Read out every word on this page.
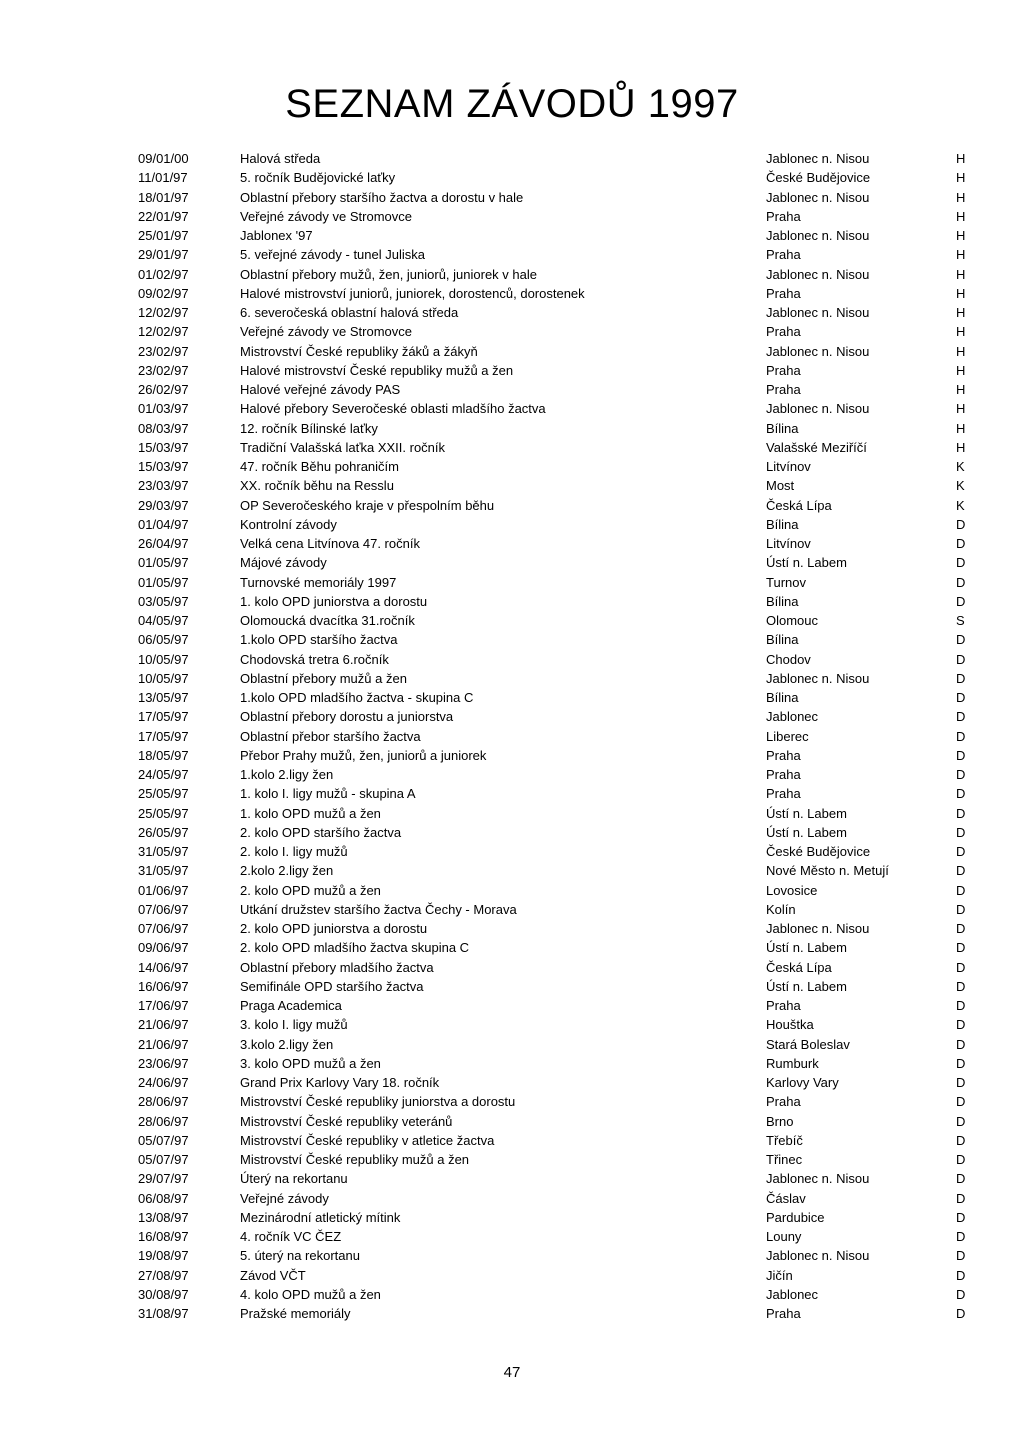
SEZNAM ZÁVODŮ 1997
09/01/00	Halová středa	Jablonec n. Nisou	H
11/01/97	5. ročník Budějovické laťky	České Budějovice	H
18/01/97	Oblastní přebory staršího žactva a dorostu v hale	Jablonec n. Nisou	H
22/01/97	Veřejné závody ve Stromovce	Praha	H
25/01/97	Jablonex '97	Jablonec n. Nisou	H
29/01/97	5. veřejné závody - tunel Juliska	Praha	H
01/02/97	Oblastní přebory mužů, žen, juniorů, juniorek v hale	Jablonec n. Nisou	H
09/02/97	Halové mistrovství juniorů, juniorek, dorostenců, dorostenek	Praha	H
12/02/97	6. severočeská oblastní halová středa	Jablonec n. Nisou	H
12/02/97	Veřejné závody ve Stromovce	Praha	H
23/02/97	Mistrovství České republiky žáků a žákyň	Jablonec n. Nisou	H
23/02/97	Halové mistrovství České republiky mužů a žen	Praha	H
26/02/97	Halové veřejné závody PAS	Praha	H
01/03/97	Halové přebory Severočeské oblasti mladšího žactva	Jablonec n. Nisou	H
08/03/97	12. ročník Bílinské laťky	Bílina	H
15/03/97	Tradiční Valašská laťka XXII. ročník	Valašské Meziříčí	H
15/03/97	47. ročník Běhu pohraničím	Litvínov	K
23/03/97	XX. ročník běhu na Resslu	Most	K
29/03/97	OP Severočeského kraje v přespolním běhu	Česká Lípa	K
01/04/97	Kontrolní závody	Bílina	D
26/04/97	Velká cena Litvínova 47. ročník	Litvínov	D
01/05/97	Májové závody	Ústí n. Labem	D
01/05/97	Turnovské memoriály 1997	Turnov	D
03/05/97	1. kolo OPD juniorstva a dorostu	Bílina	D
04/05/97	Olomoucká dvacítka 31.ročník	Olomouc	S
06/05/97	1.kolo OPD staršího žactva	Bílina	D
10/05/97	Chodovská tretra 6.ročník	Chodov	D
10/05/97	Oblastní přebory mužů a žen	Jablonec n. Nisou	D
13/05/97	1.kolo OPD mladšího žactva - skupina C	Bílina	D
17/05/97	Oblastní přebory dorostu a juniorstva	Jablonec	D
17/05/97	Oblastní přebor staršího žactva	Liberec	D
18/05/97	Přebor Prahy mužů, žen, juniorů a juniorek	Praha	D
24/05/97	1.kolo 2.ligy žen	Praha	D
25/05/97	1. kolo I. ligy mužů - skupina A	Praha	D
25/05/97	1. kolo OPD mužů a žen	Ústí n. Labem	D
26/05/97	2. kolo OPD staršího žactva	Ústí n. Labem	D
31/05/97	2. kolo I. ligy mužů	České Budějovice	D
31/05/97	2.kolo 2.ligy žen	Nové Město n. Metují	D
01/06/97	2. kolo OPD mužů a žen	Lovosice	D
07/06/97	Utkání družstev staršího žactva Čechy - Morava	Kolín	D
07/06/97	2. kolo OPD juniorstva a dorostu	Jablonec n. Nisou	D
09/06/97	2. kolo OPD mladšího žactva skupina C	Ústí n. Labem	D
14/06/97	Oblastní přebory mladšího žactva	Česká Lípa	D
16/06/97	Semifinále OPD staršího žactva	Ústí n. Labem	D
17/06/97	Praga Academica	Praha	D
21/06/97	3. kolo I. ligy mužů	Houštka	D
21/06/97	3.kolo 2.ligy žen	Stará Boleslav	D
23/06/97	3. kolo OPD mužů a žen	Rumburk	D
24/06/97	Grand Prix Karlovy Vary 18. ročník	Karlovy Vary	D
28/06/97	Mistrovství České republiky juniorstva a dorostu	Praha	D
28/06/97	Mistrovství České republiky veteránů	Brno	D
05/07/97	Mistrovství České republiky v atletice žactva	Třebíč	D
05/07/97	Mistrovství České republiky mužů a žen	Třinec	D
29/07/97	Úterý na rekortanu	Jablonec n. Nisou	D
06/08/97	Veřejné závody	Čáslav	D
13/08/97	Mezinárodní atletický mítink	Pardubice	D
16/08/97	4. ročník VC ČEZ	Louny	D
19/08/97	5. úterý na rekortanu	Jablonec n. Nisou	D
27/08/97	Závod VČT	Jičín	D
30/08/97	4. kolo OPD mužů a žen	Jablonec	D
31/08/97	Pražské memoriály	Praha	D
47
